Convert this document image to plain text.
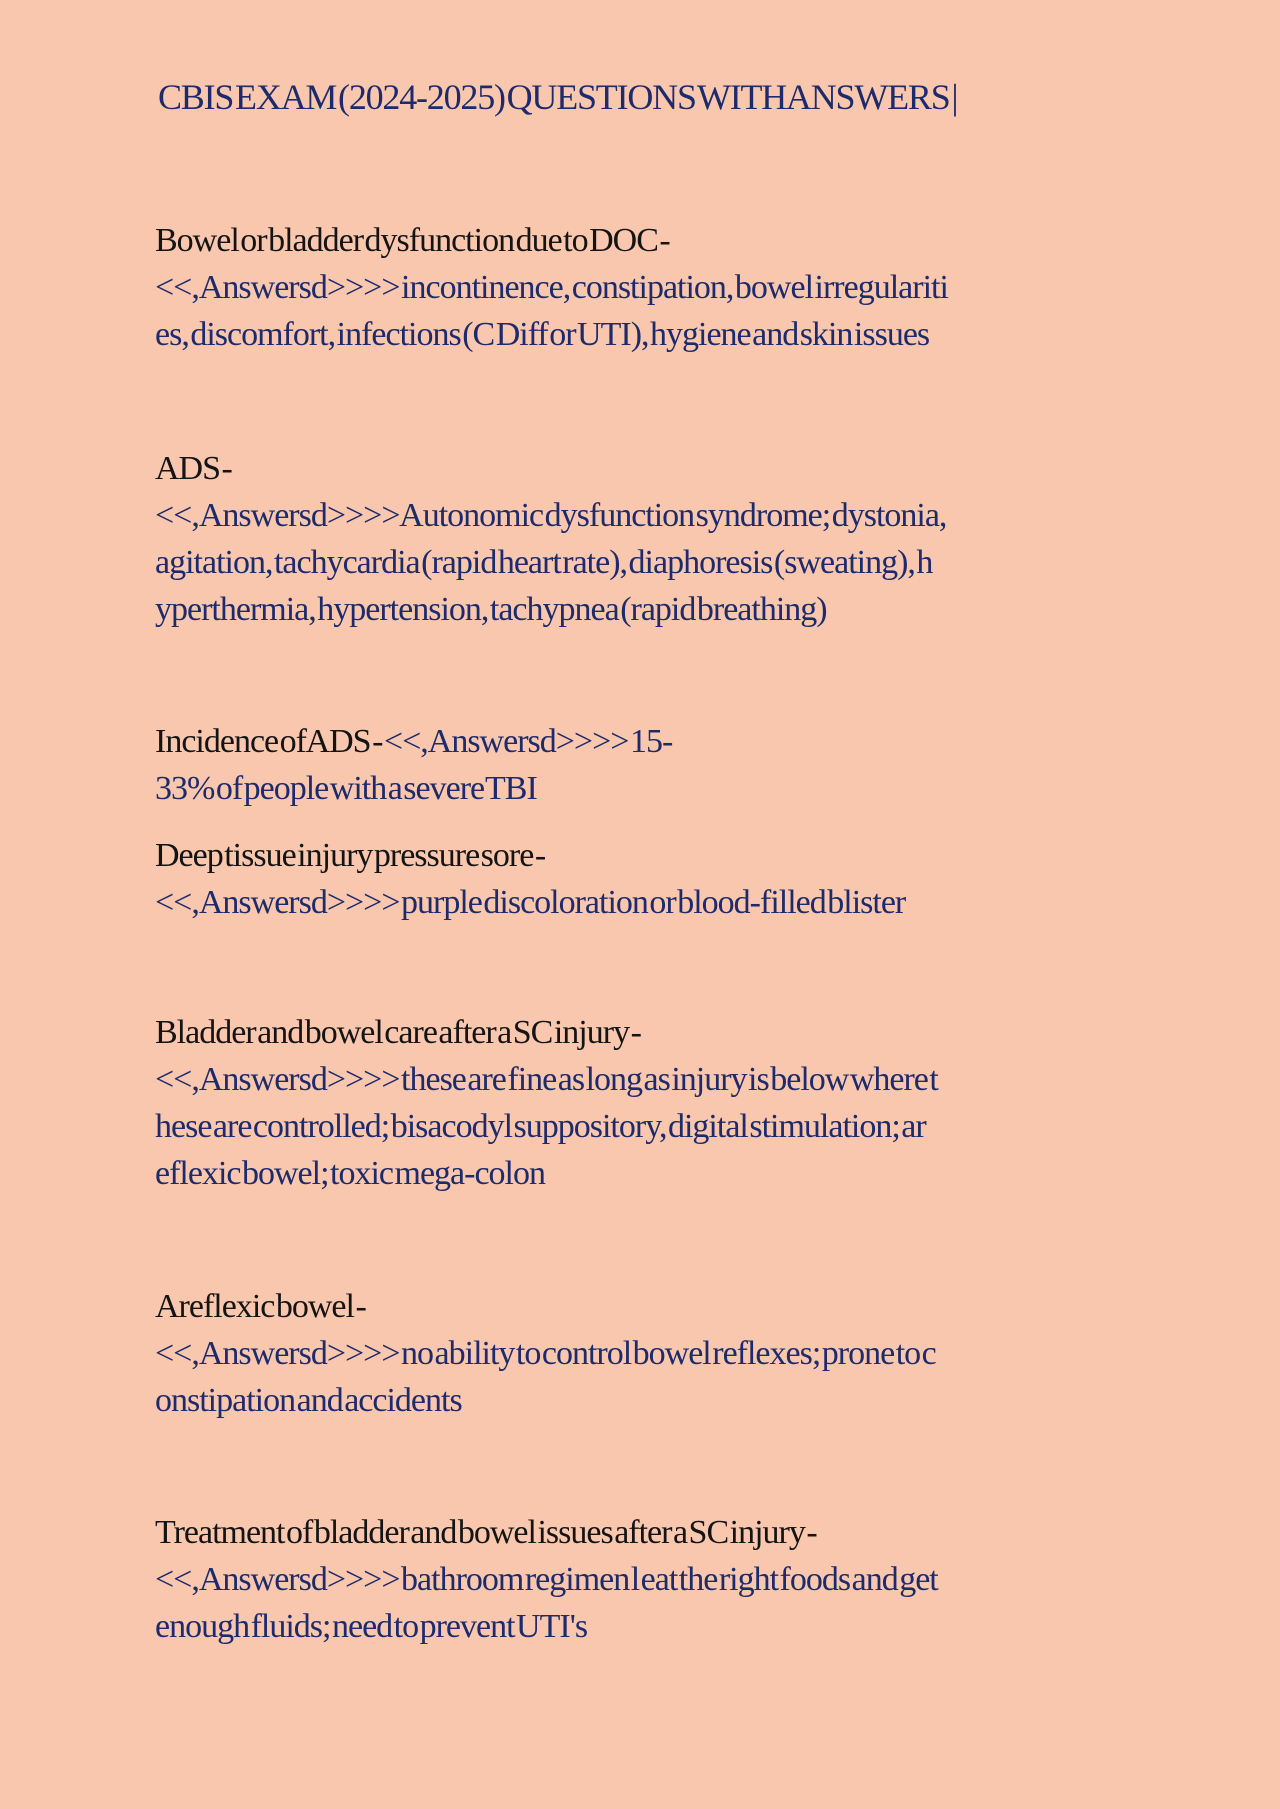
CBIS EXAM (2024-2025) QUESTIONS WITH ANSWERS |
Bowel or bladder dysfunction due to DOC -
<<,Answersd>>>> incontinence, constipation, bowel irregulariti
es, discomfort, infections (C Diff or UTI), hygiene and skin issues
ADS -
<<,Answersd>>>> Autonomic dysfunction syndrome; dystonia,
agitation, tachycardia (rapid heart rate), diaphoresis (sweating), h
yperthermia, hypertension, tachypnea (rapid breathing)
Incidence of ADS - <<,Answersd>>>> 15-
33% of people with a severe TBI
Deep tissue injury pressure sore -
<<,Answersd>>>> purple discoloration or blood-filled blister
Bladder and bowel care after a SC injury -
<<,Answersd>>>> these are fine as long as injury is below where t
hese are controlled; bisacodyl suppository, digital stimulation; ar
eflexic bowel; toxic mega-colon
Areflexic bowel -
<<,Answersd>>>> no ability to control bowel reflexes; prone to c
onstipation and accidents
Treatment of bladder and bowel issues after a SC injury -
<<,Answersd>>>> bathroom regimen l eat the right foods and get
enough fluids; need to prevent UTI's
